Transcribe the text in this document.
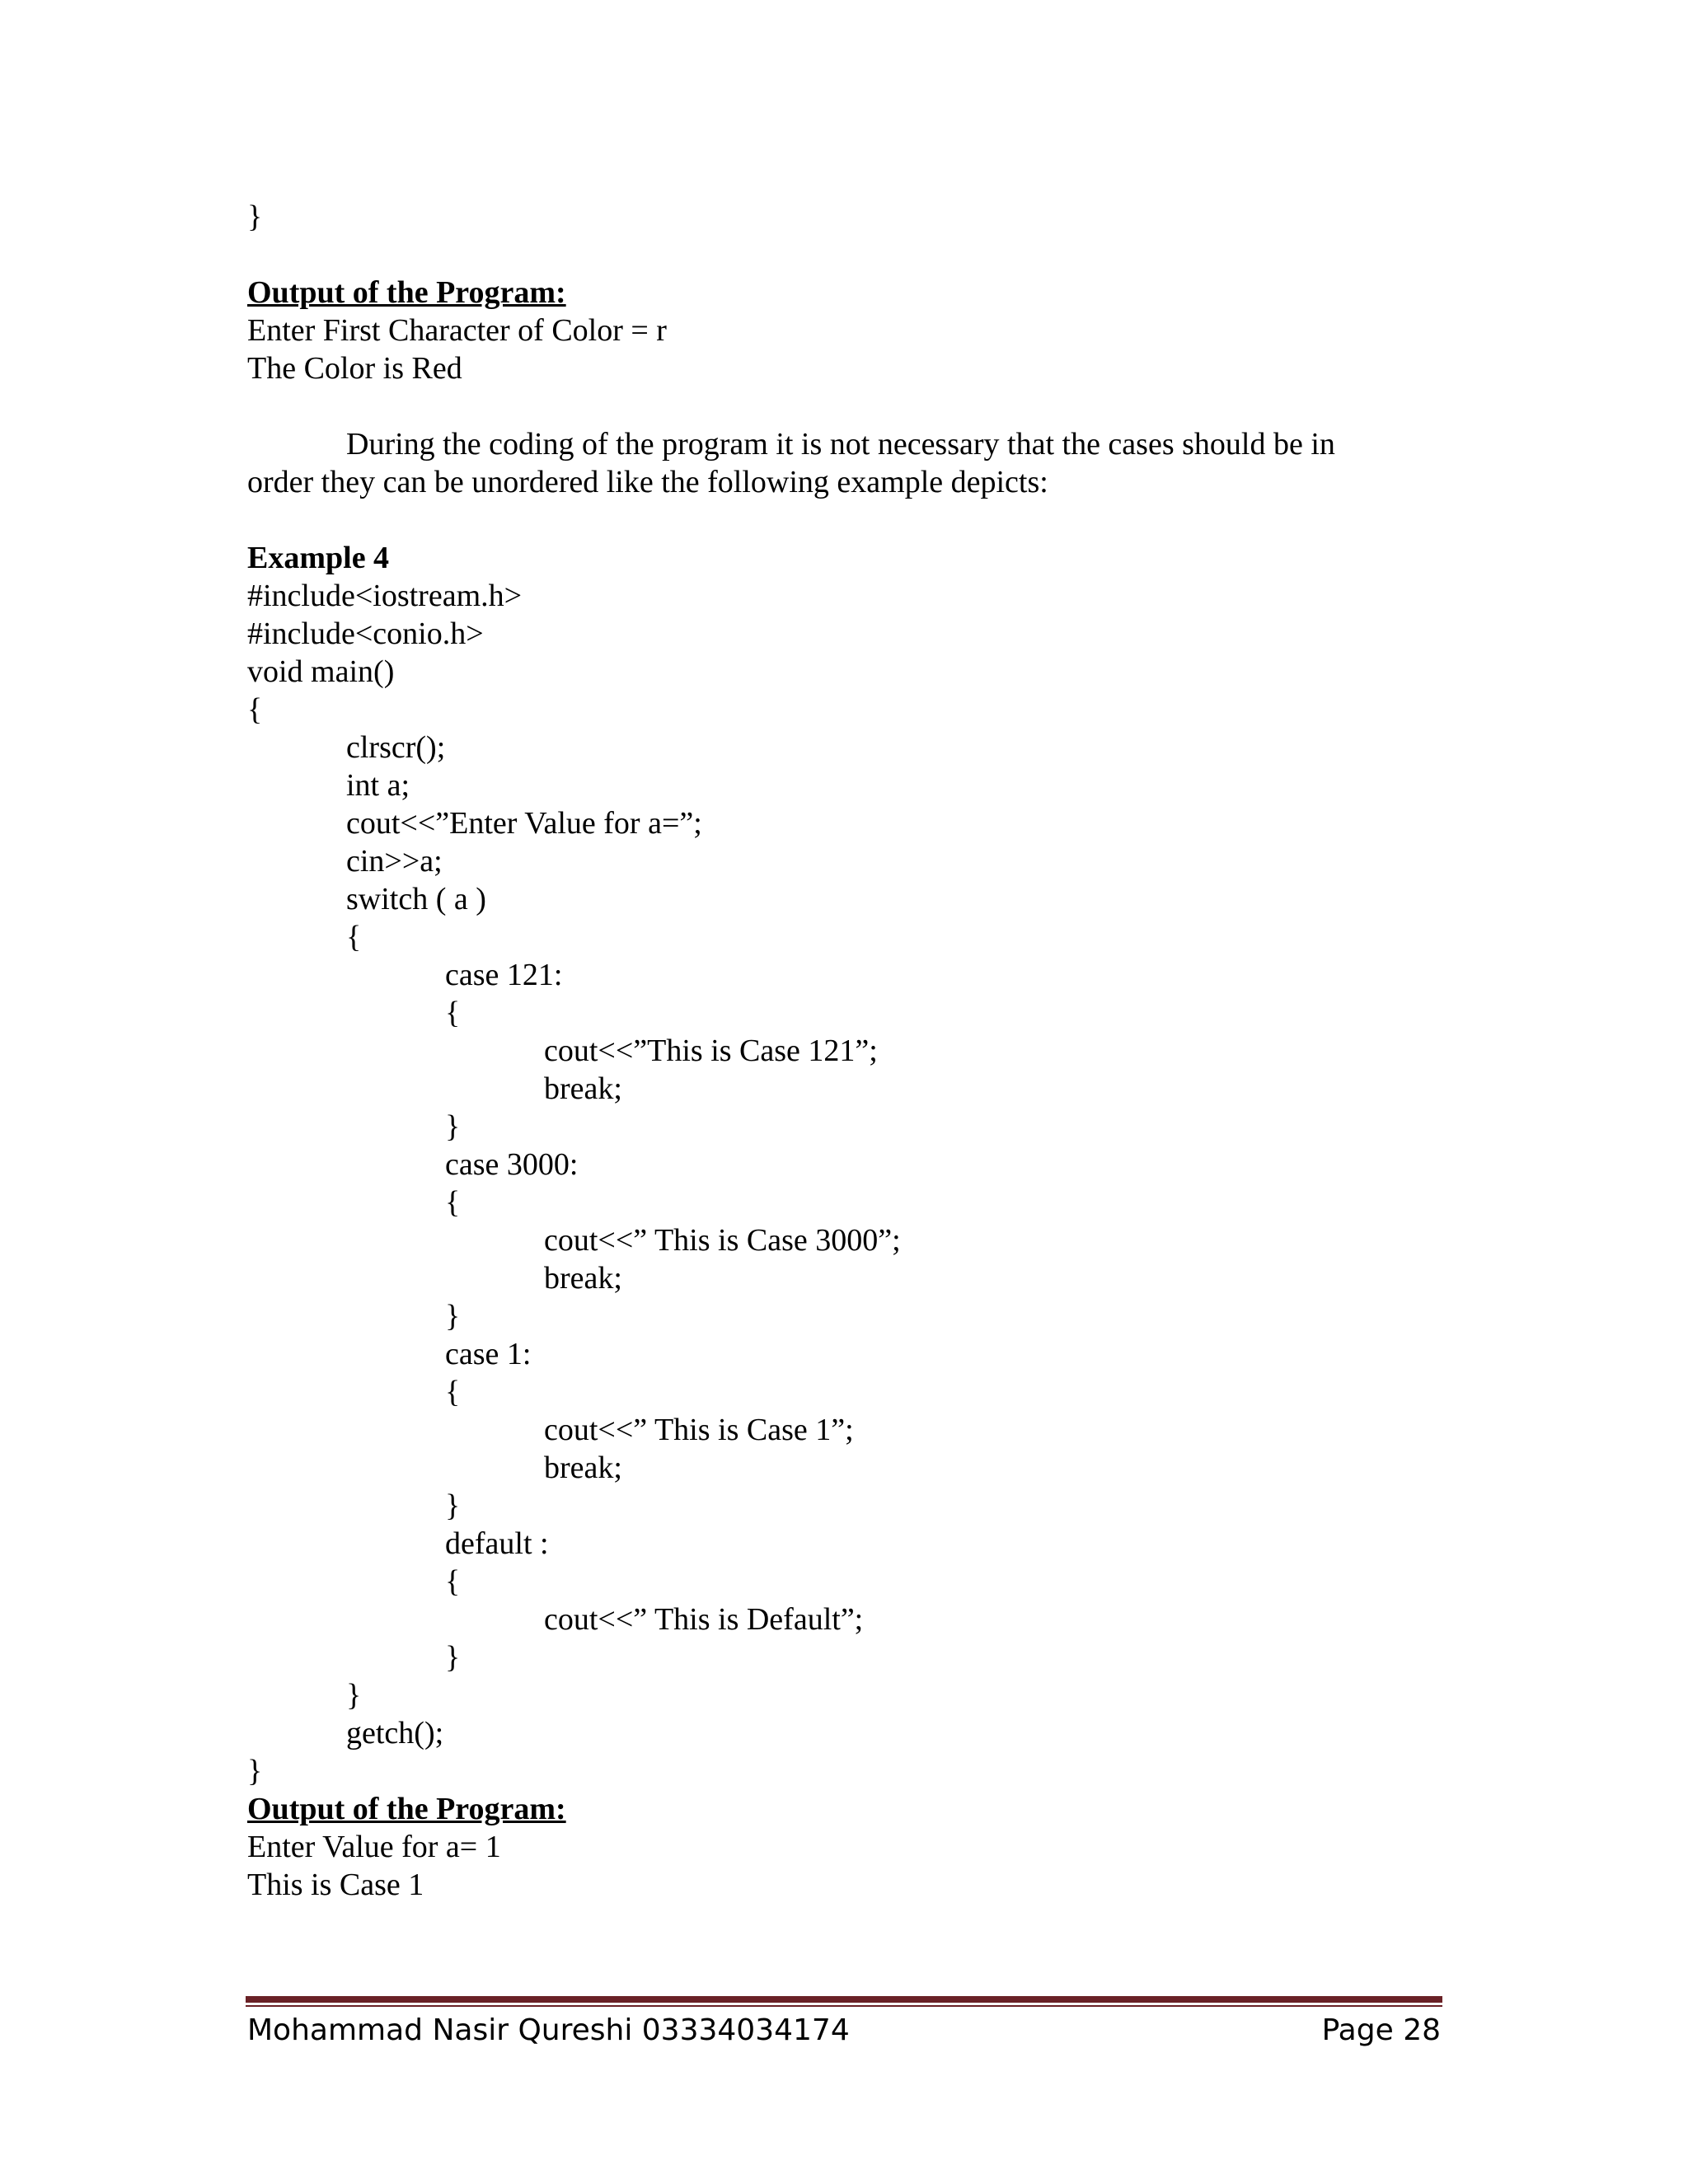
}
Output of the Program:
Enter First Character of Color = r
The Color is Red
During the coding of the program it is not necessary that the cases should be in order they can be unordered like the following example depicts:
Example 4
#include<iostream.h>
#include<conio.h>
void main()
{
clrscr();
int a;
cout<<”Enter Value for a=”;
cin>>a;
switch ( a )
{
case 121:
{
cout<<”This is Case 121”;
break;
}
case 3000:
{
cout<<” This is Case 3000”;
break;
}
case 1:
{
cout<<” This is Case 1”;
break;
}
default :
{
cout<<” This is Default”;
}
}
getch();
}
Output of the Program:
Enter Value for a= 1
This is Case 1
Mohammad Nasir Qureshi 03334034174	Page 28
